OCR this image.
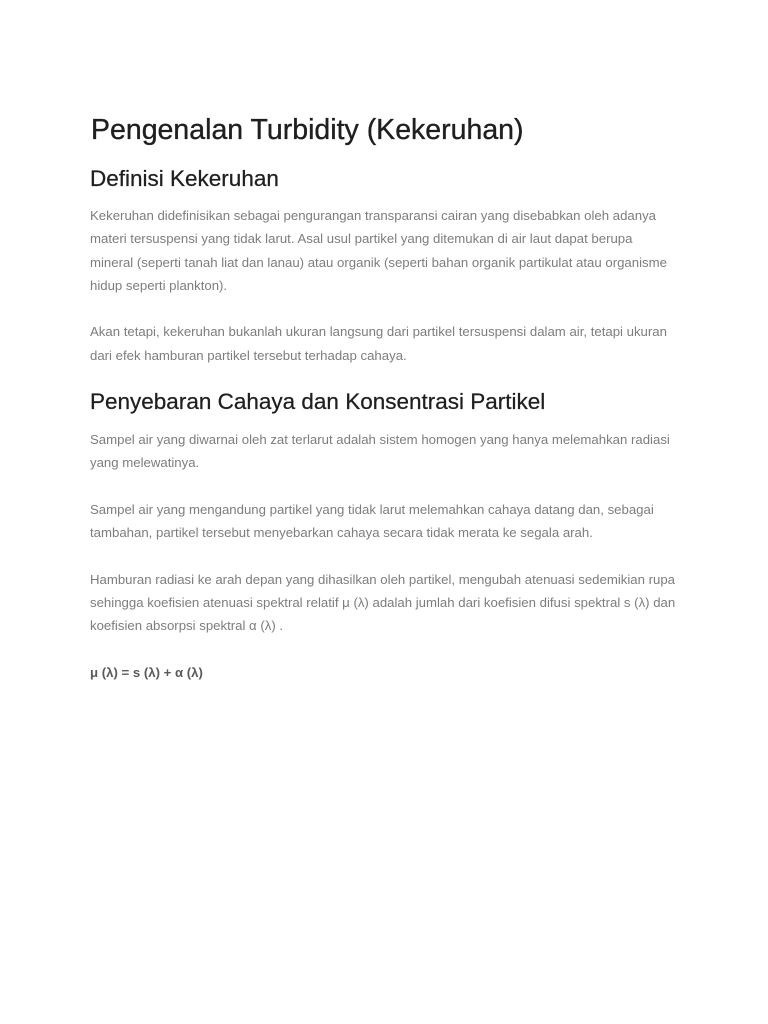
Pengenalan Turbidity (Kekeruhan)
Definisi Kekeruhan

Kekeruhan didefinisikan sebagai pengurangan transparansi cairan yang disebabkan oleh adanya materi tersuspensi yang tidak larut. Asal usul partikel yang ditemukan di air laut dapat berupa mineral (seperti tanah liat dan lanau) atau organik (seperti bahan organik partikulat atau organisme hidup seperti plankton).

Akan tetapi, kekeruhan bukanlah ukuran langsung dari partikel tersuspensi dalam air, tetapi ukuran dari efek hamburan partikel tersebut terhadap cahaya.

Penyebaran Cahaya dan Konsentrasi Partikel

Sampel air yang diwarnai oleh zat terlarut adalah sistem homogen yang hanya melemahkan radiasi yang melewatinya.

Sampel air yang mengandung partikel yang tidak larut melemahkan cahaya datang dan, sebagai tambahan, partikel tersebut menyebarkan cahaya secara tidak merata ke segala arah.

Hamburan radiasi ke arah depan yang dihasilkan oleh partikel, mengubah atenuasi sedemikian rupa sehingga koefisien atenuasi spektral relatif μ (λ) adalah jumlah dari koefisien difusi spektral s (λ) dan koefisien absorpsi spektral α (λ) .

μ (λ) = s (λ) + α (λ)
